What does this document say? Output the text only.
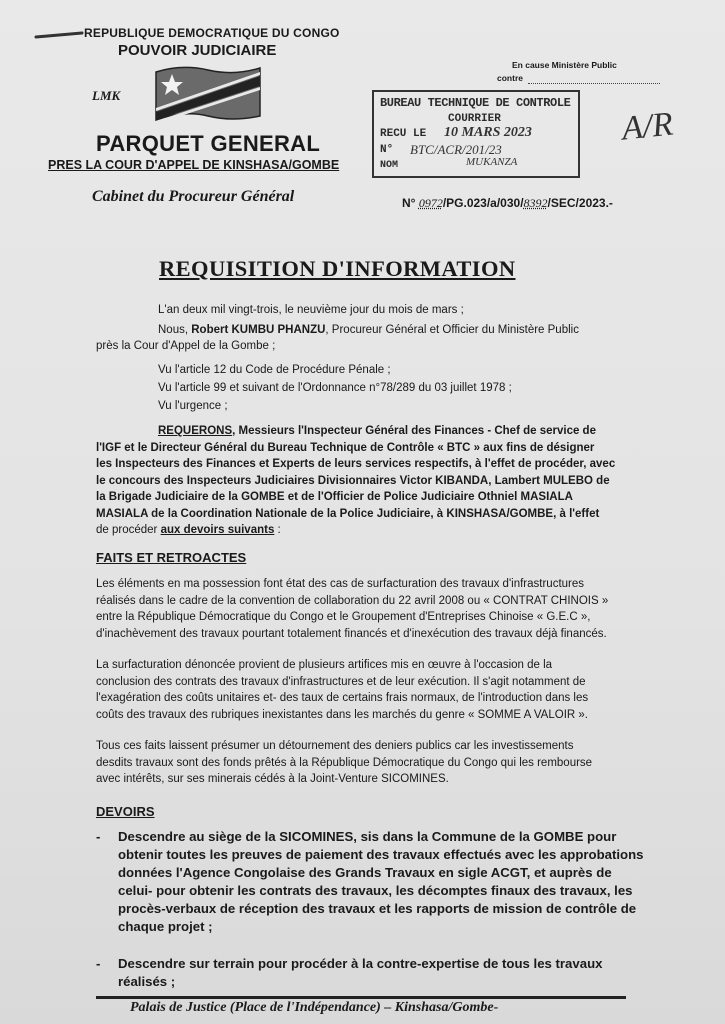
REPUBLIQUE DEMOCRATIQUE DU CONGO
POUVOIR JUDICIAIRE
LMK
PARQUET GENERAL
PRES LA COUR D'APPEL DE KINSHASA/GOMBE
Cabinet du Procureur Général
En cause Ministère Public
contre
BUREAU TECHNIQUE DE CONTROLE
COURRIER
RECU LE 10 MARS 2023
N° BTC/ACR/201/23
NOM	MUKANZA
A/R
N° 0972/PG.023/a/030/8392/SEC/2023.-
REQUISITION D'INFORMATION
L'an deux mil vingt-trois, le neuvième jour du mois de mars ;
Nous, Robert KUMBU PHANZU, Procureur Général et Officier du Ministère Public
près la Cour d'Appel de la Gombe ;
Vu l'article 12 du Code de Procédure Pénale ;
Vu l'article 99 et suivant de l'Ordonnance n°78/289 du 03 juillet 1978 ;
Vu l'urgence ;
REQUERONS, Messieurs l'Inspecteur Général des Finances - Chef de service de
l'IGF et le Directeur Général du Bureau Technique de Contrôle « BTC » aux fins de désigner
les Inspecteurs des Finances et Experts de leurs services respectifs, à l'effet de procéder, avec
le concours des Inspecteurs Judiciaires Divisionnaires Victor KIBANDA, Lambert MULEBO de
la Brigade Judiciaire de la GOMBE et de l'Officier de Police Judiciaire Othniel MASIALA
MASIALA de la Coordination Nationale de la Police Judiciaire, à KINSHASA/GOMBE, à l'effet
de procéder aux devoirs suivants :
FAITS ET RETROACTES
Les éléments en ma possession font état des cas de surfacturation des travaux d'infrastructures
réalisés dans le cadre de la convention de collaboration du 22 avril 2008 ou « CONTRAT CHINOIS »
entre la République Démocratique du Congo et le Groupement d'Entreprises Chinoise « G.E.C »,
d'inachèvement des travaux pourtant totalement financés et d'inexécution des travaux déjà financés.
La surfacturation dénoncée provient de plusieurs artifices mis en œuvre à l'occasion de la
conclusion des contrats des travaux d'infrastructures et de leur exécution. Il s'agit notamment de
l'exagération des coûts unitaires et- des taux de certains frais normaux, de l'introduction dans les
coûts des travaux des rubriques inexistantes dans les marchés du genre « SOMME A VALOIR ».
Tous ces faits laissent présumer un détournement des deniers publics car les investissements
desdits travaux sont des fonds prêtés à la République Démocratique du Congo qui les rembourse
avec intérêts, sur ses minerais cédés à la Joint-Venture SICOMINES.
DEVOIRS
- Descendre au siège de la SICOMINES, sis dans la Commune de la GOMBE pour
obtenir toutes les preuves de paiement des travaux effectués avec les approbations
données l'Agence Congolaise des Grands Travaux en sigle ACGT, et auprès de
celui- pour obtenir les contrats des travaux, les décomptes finaux des travaux, les
procès-verbaux de réception des travaux et les rapports de mission de contrôle de
chaque projet ;
- Descendre sur terrain pour procéder à la contre-expertise de tous les travaux
réalisés ;
Palais de Justice (Place de l'Indépendance) – Kinshasa/Gombe-
